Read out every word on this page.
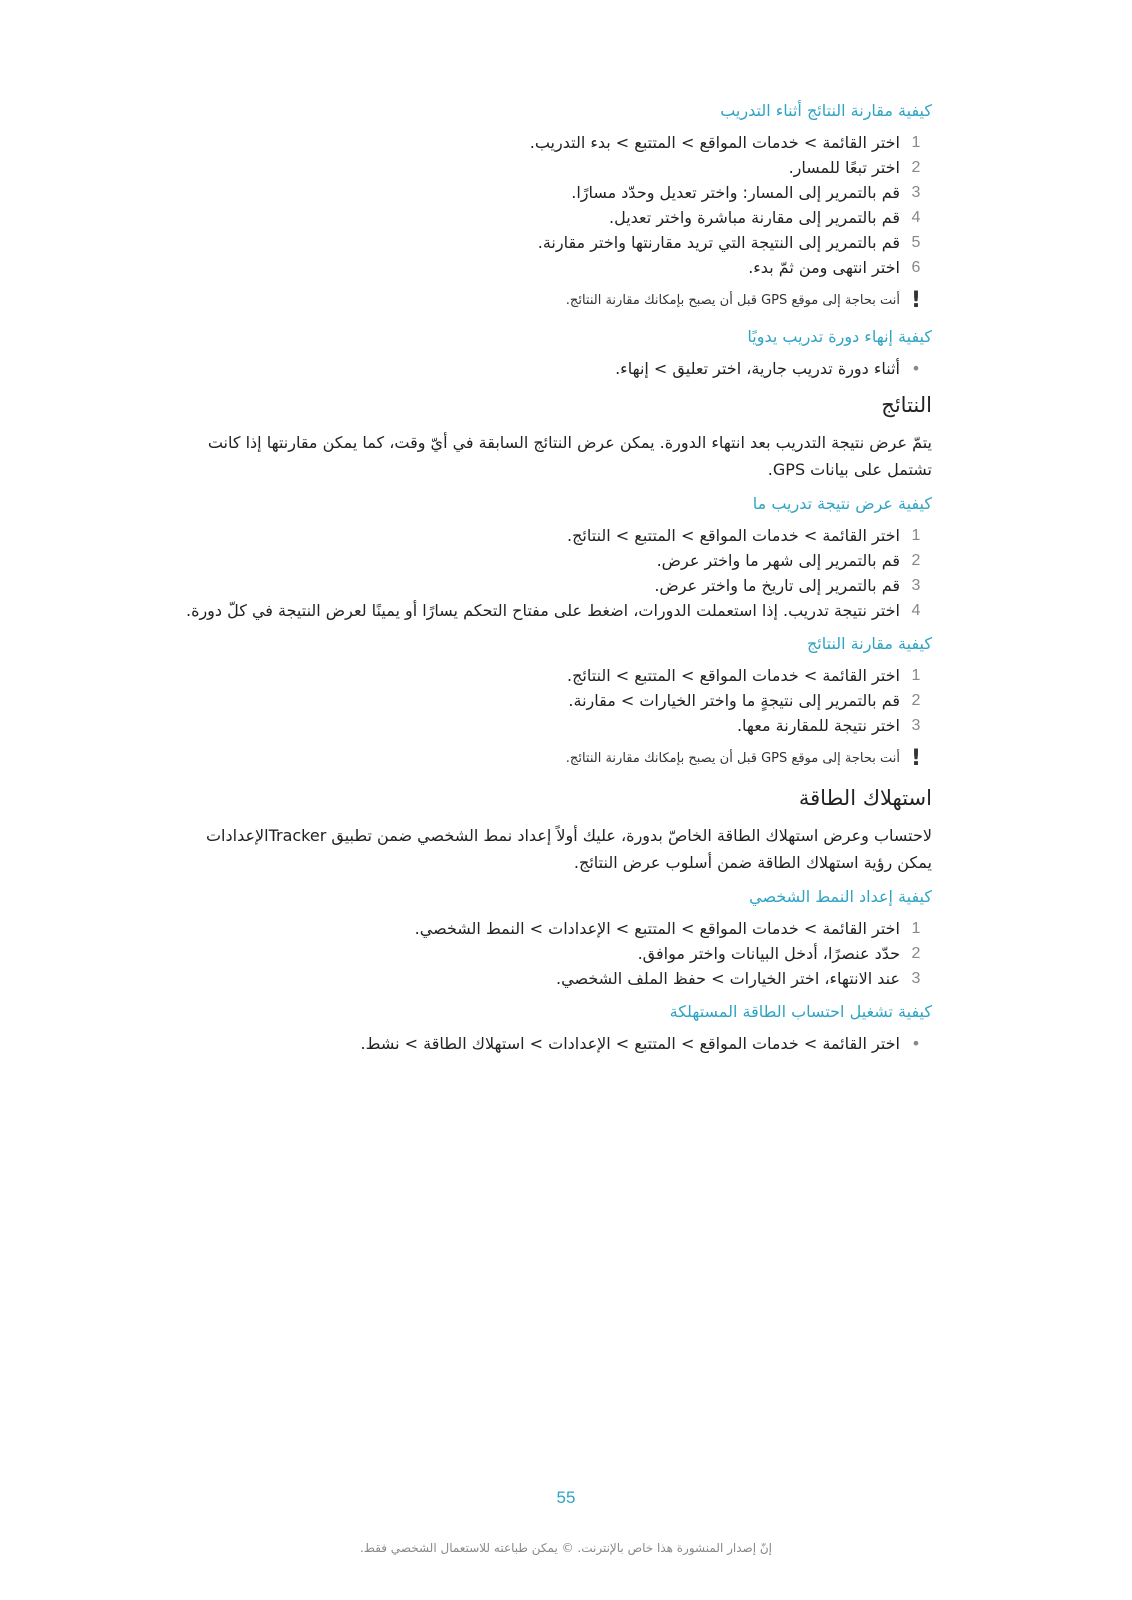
كيفية مقارنة النتائج أثناء التدريب
1
اختر القائمة > خدمات المواقع > المتتبع > بدء التدريب.
2
اختر تبعًا للمسار.
3
قم بالتمرير إلى المسار: واختر تعديل وحدّد مسارًا.
4
قم بالتمرير إلى مقارنة مباشرة واختر تعديل.
5
قم بالتمرير إلى النتيجة التي تريد مقارنتها واختر مقارنة.
6
اختر انتهى ومن ثمّ بدء.
!
أنت بحاجة إلى موقع GPS قبل أن يصبح بإمكانك مقارنة النتائج.
كيفية إنهاء دورة تدريب يدويًا
•
أثناء دورة تدريب جارية، اختر تعليق > إنهاء.
النتائج
يتمّ عرض نتيجة التدريب بعد انتهاء الدورة. يمكن عرض النتائج السابقة في أيّ وقت، كما يمكن مقارنتها إذا كانت تشتمل على بيانات GPS.
كيفية عرض نتيجة تدريب ما
1
اختر القائمة > خدمات المواقع > المتتبع > النتائج.
2
قم بالتمرير إلى شهر ما واختر عرض.
3
قم بالتمرير إلى تاريخ ما واختر عرض.
4
اختر نتيجة تدريب. إذا استعملت الدورات، اضغط على مفتاح التحكم يسارًا أو يمينًا لعرض النتيجة في كلّ دورة.
كيفية مقارنة النتائج
1
اختر القائمة > خدمات المواقع > المتتبع > النتائج.
2
قم بالتمرير إلى نتيجةٍ ما واختر الخيارات > مقارنة.
3
اختر نتيجة للمقارنة معها.
!
أنت بحاجة إلى موقع GPS قبل أن يصبح بإمكانك مقارنة النتائج.
استهلاك الطاقة
لاحتساب وعرض استهلاك الطاقة الخاصّ بدورة، عليك أولاً إعداد نمط الشخصي ضمن تطبيق Trackerالإعدادات يمكن رؤية استهلاك الطاقة ضمن أسلوب عرض النتائج.
كيفية إعداد النمط الشخصي
1
اختر القائمة > خدمات المواقع > المتتبع > الإعدادات > النمط الشخصي.
2
حدّد عنصرًا، أدخل البيانات واختر موافق.
3
عند الانتهاء، اختر الخيارات > حفظ الملف الشخصي.
كيفية تشغيل احتساب الطاقة المستهلكة
•
اختر القائمة > خدمات المواقع > المتتبع > الإعدادات > استهلاك الطاقة > نشط.
55
إنّ إصدار المنشورة هذا خاص بالإنترنت. © يمكن طباعته للاستعمال الشخصي فقط.
